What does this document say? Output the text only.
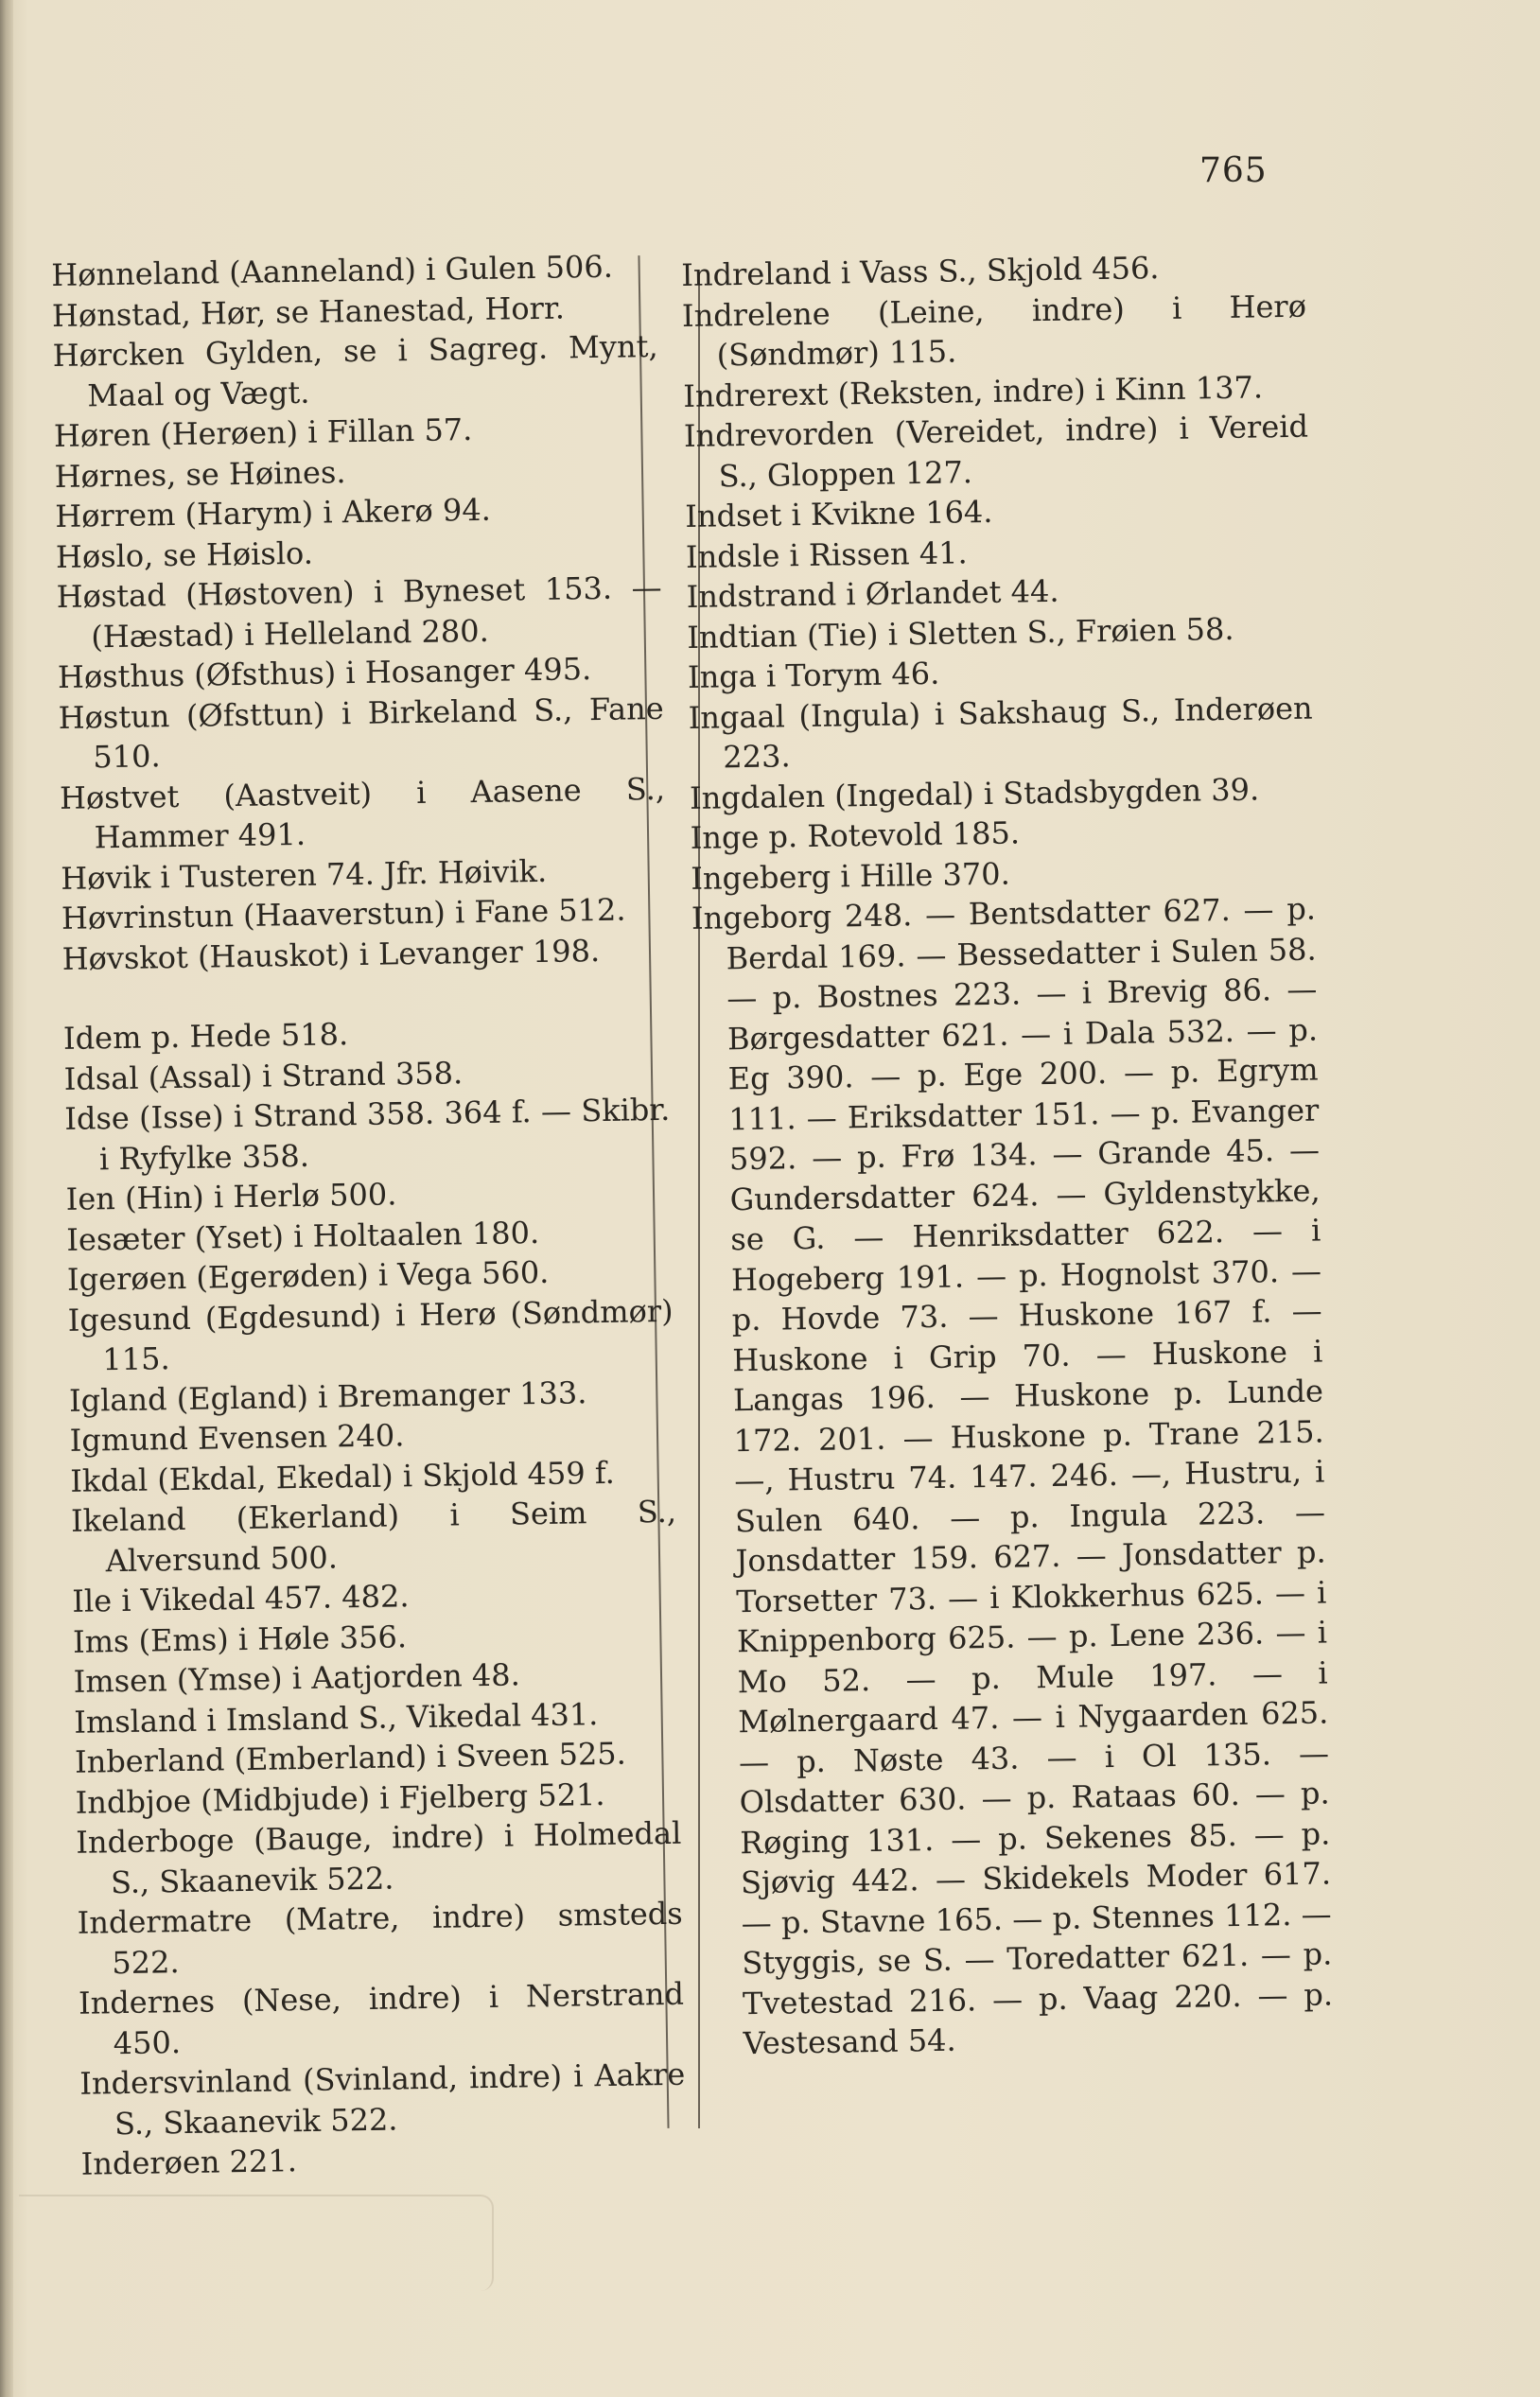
765

Hønneland (Aanneland) i Gulen 506.

Hønstad, Hør, se Hanestad, Horr.

Hørcken Gylden, se i Sagreg. Mynt, Maal og Vægt.

Høren (Herøen) i Fillan 57.

Hørnes, se Høines.

Hørrem (Harym) i Akerø 94.

Høslo, se Høislo.

Høstad (Høstoven) i Byneset 153. — (Hæstad) i Helleland 280.

Høsthus (Øfsthus) i Hosanger 495.

Høstun (Øfsttun) i Birkeland S., Fane 510.

Høstvet (Aastveit) i Aasene S., Hammer 491.

Høvik i Tusteren 74. Jfr. Høivik.

Høvrinstun (Haaverstun) i Fane 512.

Høvskot (Hauskot) i Levanger 198.

Idem p. Hede 518.

Idsal (Assal) i Strand 358.

Idse (Isse) i Strand 358. 364 f. — Skibr. i Ryfylke 358.

Ien (Hin) i Herlø 500.

Iesæter (Yset) i Holtaalen 180.

Igerøen (Egerøden) i Vega 560.

Igesund (Egdesund) i Herø (Søndmør) 115.

Igland (Egland) i Bremanger 133.

Igmund Evensen 240.

Ikdal (Ekdal, Ekedal) i Skjold 459 f.

Ikeland (Ekerland) i Seim S., Alversund 500.

Ile i Vikedal 457. 482.

Ims (Ems) i Høle 356.

Imsen (Ymse) i Aatjorden 48.

Imsland i Imsland S., Vikedal 431.

Inberland (Emberland) i Sveen 525.

Indbjoe (Midbjude) i Fjelberg 521.

Inderboge (Bauge, indre) i Holmedal S., Skaanevik 522.

Indermatre (Matre, indre) smsteds 522.

Indernes (Nese, indre) i Nerstrand 450.

Indersvinland (Svinland, indre) i Aakre S., Skaanevik 522.

Inderøen 221.

Indreland i Vass S., Skjold 456.

Indrelene (Leine, indre) i Herø (Søndmør) 115.

Indrerext (Reksten, indre) i Kinn 137.

Indrevorden (Vereidet, indre) i Vereid S., Gloppen 127.

Indset i Kvikne 164.

Indsle i Rissen 41.

Indstrand i Ørlandet 44.

Indtian (Tie) i Sletten S., Frøien 58.

Inga i Torym 46.

Ingaal (Ingula) i Sakshaug S., Inderøen 223.

Ingdalen (Ingedal) i Stadsbygden 39.

Inge p. Rotevold 185.

Ingeberg i Hille 370.

Ingeborg 248. — Bentsdatter 627. — p. Berdal 169. — Bessedatter i Sulen 58. — p. Bostnes 223. — i Brevig 86. — Børgesdatter 621. — i Dala 532. — p. Eg 390. — p. Ege 200. — p. Egrym 111. — Eriksdatter 151. — p. Evanger 592. — p. Frø 134. — Grande 45. — Gundersdatter 624. — Gyldenstykke, se G. — Henriksdatter 622. — i Hogeberg 191. — p. Hognolst 370. — p. Hovde 73. — Huskone 167 f. — Huskone i Grip 70. — Huskone i Langas 196. — Huskone p. Lunde 172. 201. — Huskone p. Trane 215. —, Hustru 74. 147. 246. —, Hustru, i Sulen 640. — p. Ingula 223. — Jonsdatter 159. 627. — Jonsdatter p. Torsetter 73. — i Klokkerhus 625. — i Knippenborg 625. — p. Lene 236. — i Mo 52. — p. Mule 197. — i Mølnergaard 47. — i Nygaarden 625. — p. Nøste 43. — i Ol 135. — Olsdatter 630. — p. Rataas 60. — p. Røging 131. — p. Sekenes 85. — p. Sjøvig 442. — Skidekels Moder 617. — p. Stavne 165. — p. Stennes 112. — Styggis, se S. — Toredatter 621. — p. Tvetestad 216. — p. Vaag 220. — p. Vestesand 54.
